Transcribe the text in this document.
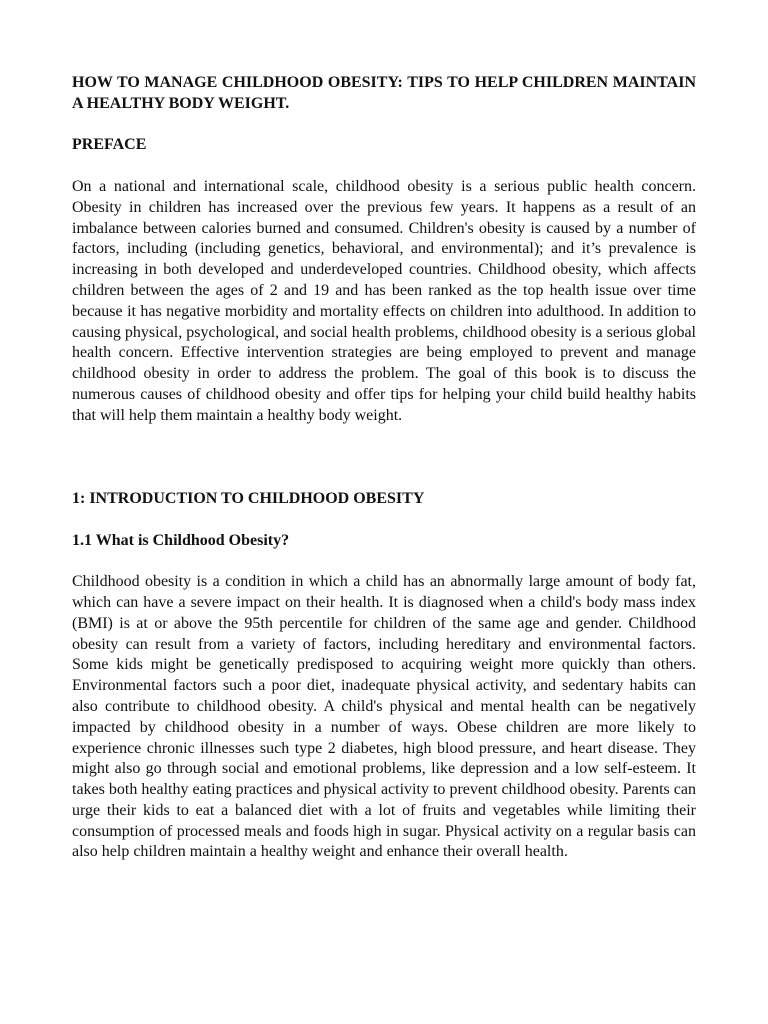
HOW TO MANAGE CHILDHOOD OBESITY: TIPS TO HELP CHILDREN MAINTAIN A HEALTHY BODY WEIGHT.

PREFACE

On a national and international scale, childhood obesity is a serious public health concern. Obesity in children has increased over the previous few years. It happens as a result of an imbalance between calories burned and consumed. Children's obesity is caused by a number of factors, including (including genetics, behavioral, and environmental); and it’s prevalence is increasing in both developed and underdeveloped countries. Childhood obesity, which affects children between the ages of 2 and 19 and has been ranked as the top health issue over time because it has negative morbidity and mortality effects on children into adulthood. In addition to causing physical, psychological, and social health problems, childhood obesity is a serious global health concern. Effective intervention strategies are being employed to prevent and manage childhood obesity in order to address the problem. The goal of this book is to discuss the numerous causes of childhood obesity and offer tips for helping your child build healthy habits that will help them maintain a healthy body weight.

1: INTRODUCTION TO CHILDHOOD OBESITY

1.1 What is Childhood Obesity?

Childhood obesity is a condition in which a child has an abnormally large amount of body fat, which can have a severe impact on their health. It is diagnosed when a child's body mass index (BMI) is at or above the 95th percentile for children of the same age and gender. Childhood obesity can result from a variety of factors, including hereditary and environmental factors. Some kids might be genetically predisposed to acquiring weight more quickly than others. Environmental factors such a poor diet, inadequate physical activity, and sedentary habits can also contribute to childhood obesity. A child's physical and mental health can be negatively impacted by childhood obesity in a number of ways. Obese children are more likely to experience chronic illnesses such type 2 diabetes, high blood pressure, and heart disease. They might also go through social and emotional problems, like depression and a low self-esteem. It takes both healthy eating practices and physical activity to prevent childhood obesity. Parents can urge their kids to eat a balanced diet with a lot of fruits and vegetables while limiting their consumption of processed meals and foods high in sugar. Physical activity on a regular basis can also help children maintain a healthy weight and enhance their overall health.
